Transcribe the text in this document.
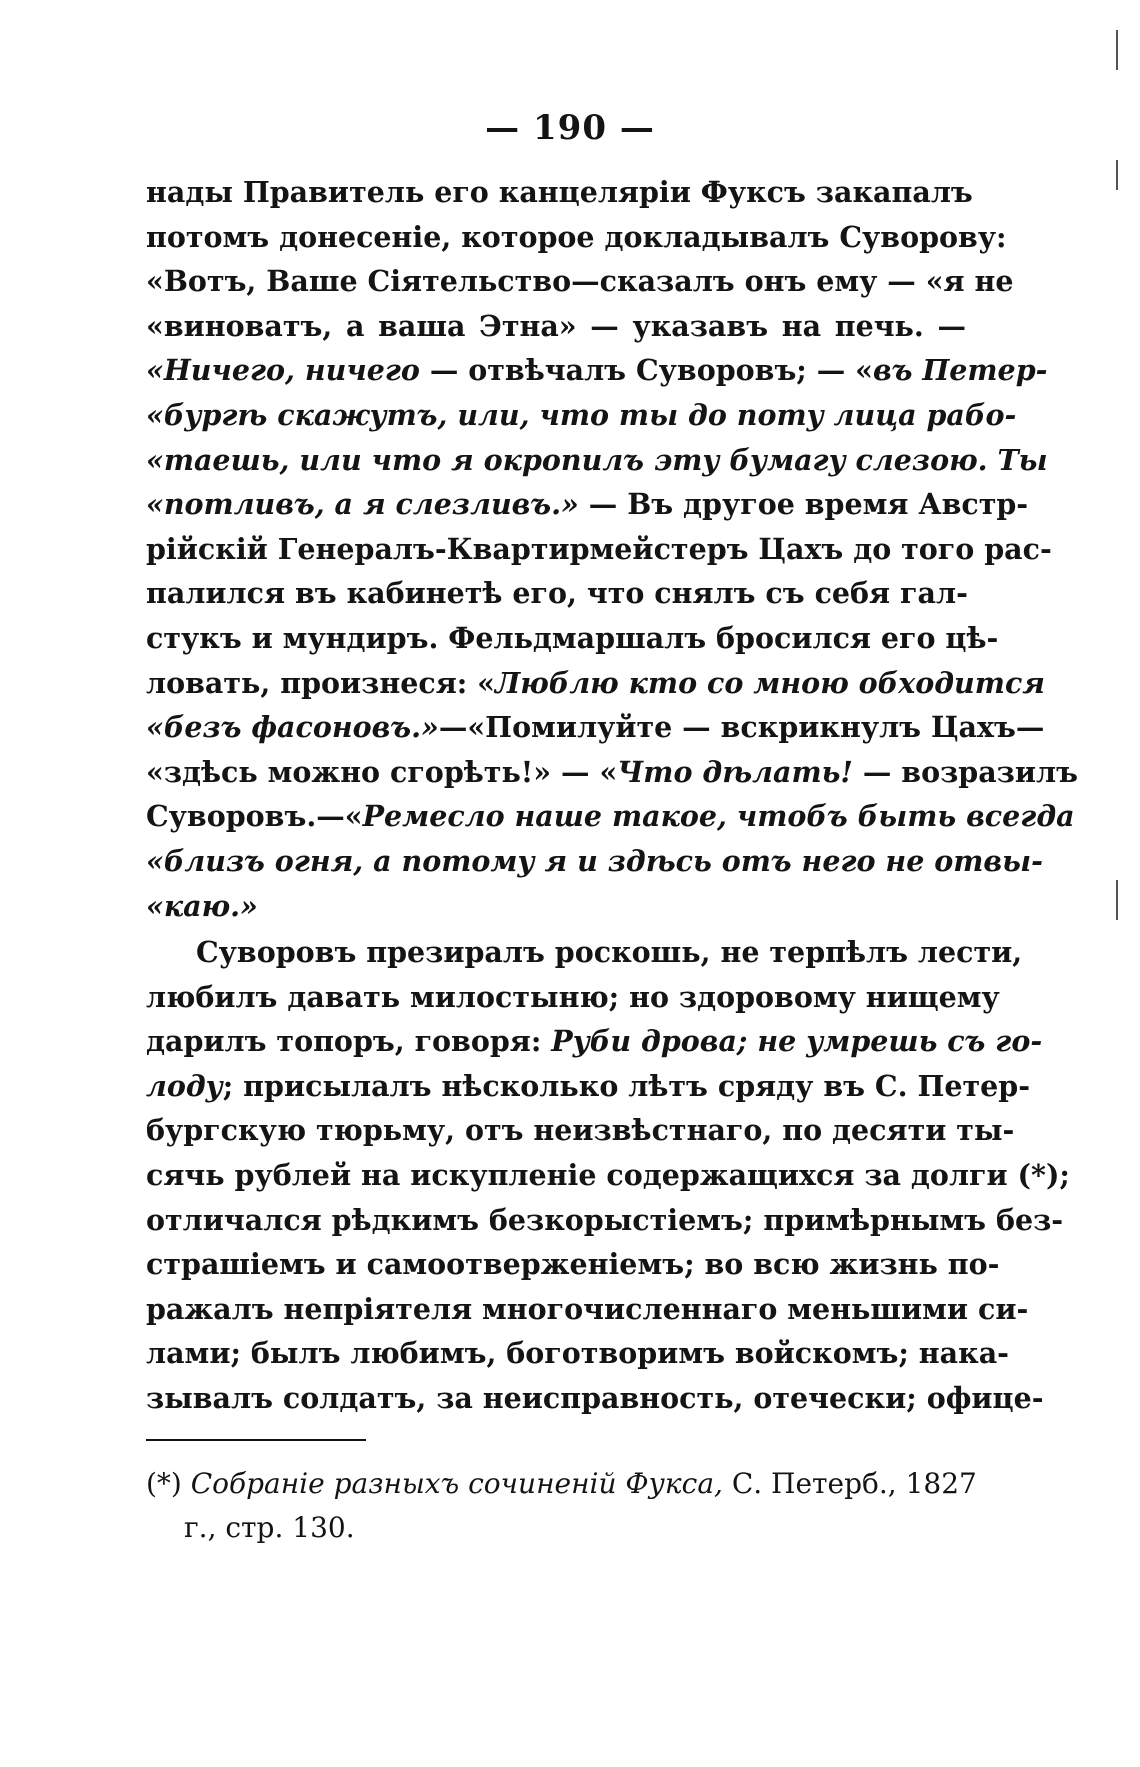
— 190 —
на⁠ды Правитель его канцелярiи Фуксъ закапалъ
потомъ донесенiе, которое докладывалъ Суворову:
«Вотъ, Ваше Сiятельство—сказалъ онъ ему — «я не
«виноватъ, а ваша Этна» — указавъ на печь. —
«Ничего, ничего — отвѣчалъ Суворовъ; — «въ Петер-
«бургѣ скажутъ, или, что ты до поту лица рабо-
«таешь, или что я окропилъ эту бумагу слезою. Ты
«потливъ, а я слезливъ.» — Въ другое время Австр-
рiйскiй Генералъ-Квартирмейстеръ Цахъ до того рас-
палился въ кабинетѣ его, что снялъ съ себя гал-
стукъ и мундиръ. Фельдмаршалъ бросился его цѣ-
ловать, произнеся: «Люблю кто со мною обходится
«безъ фасоновъ.»—«Помилуйте — вскрикнулъ Цахъ—
«здѣсь можно сгорѣть!» — «Что дѣлать! — возразилъ
Суворовъ.—«Ремесло наше такое, чтобъ быть всегда
«близъ огня, а потому я и здѣсь отъ него не отвы-
«каю.»
Суворовъ презиралъ роскошь, не терпѣлъ лести,
любилъ давать милостыню; но здоровому нищему
дарилъ топоръ, говоря: Руби дрова; не умрешь съ го-
лоду; присылалъ нѣсколько лѣтъ сряду въ С. Петер-
бургскую тюрьму, отъ неизвѣстнаго, по десяти ты-
сячь рублей на искупленiе содержащихся за долги (*);
отличался рѣдкимъ безкорыстiемъ; примѣрнымъ без-
страшiемъ и самоотверженiемъ; во всю жизнь по-
ражалъ непрiятеля многочисленнаго меньшими си-
лами; былъ любимъ, боготворимъ войскомъ; нака-
зывалъ солдатъ, за неисправность, отечески; офице-
(*) Собранiе разныхъ сочиненiй Фукса, С. Петерб., 1827
г., стр. 130.
